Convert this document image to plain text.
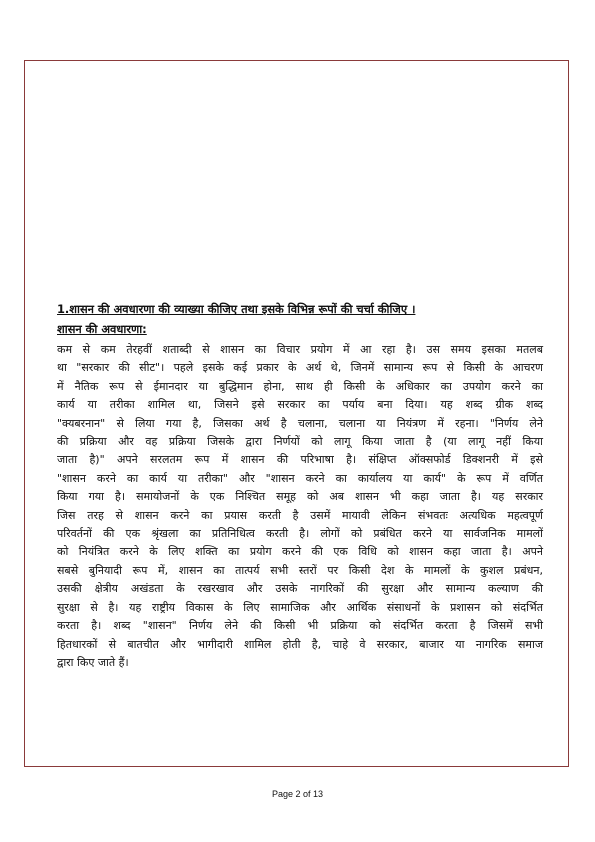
1.शासन की अवधारणा की व्याख्या कीजिए तथा इसके विभिन्न रूपों की चर्चा कीजिए ।
शासन की अवधारणा:
कम से कम तेरहवीं शताब्दी से शासन का विचार प्रयोग में आ रहा है। उस समय इसका मतलब
था "सरकार की सीट"। पहले इसके कई प्रकार के अर्थ थे, जिनमें सामान्य रूप से किसी के आचरण
में नैतिक रूप से ईमानदार या बुद्धिमान होना, साथ ही किसी के अधिकार का उपयोग करने का
कार्य या तरीका शामिल था, जिसने इसे सरकार का पर्याय बना दिया। यह शब्द ग्रीक शब्द
"क्यबरनान" से लिया गया है, जिसका अर्थ है चलाना, चलाना या नियंत्रण में रहना। "निर्णय लेने
की प्रक्रिया और वह प्रक्रिया जिसके द्वारा निर्णयों को लागू किया जाता है (या लागू नहीं किया
जाता है)" अपने सरलतम रूप में शासन की परिभाषा है। संक्षिप्त ऑक्सफोर्ड डिक्शनरी में इसे
"शासन करने का कार्य या तरीका" और "शासन करने का कार्यालय या कार्य" के रूप में वर्णित
किया गया है। समायोजनों के एक निश्चित समूह को अब शासन भी कहा जाता है। यह सरकार
जिस तरह से शासन करने का प्रयास करती है उसमें मायावी लेकिन संभवतः अत्यधिक महत्वपूर्ण
परिवर्तनों की एक श्रृंखला का प्रतिनिधित्व करती है। लोगों को प्रबंधित करने या सार्वजनिक मामलों
को नियंत्रित करने के लिए शक्ति का प्रयोग करने की एक विधि को शासन कहा जाता है। अपने
सबसे बुनियादी रूप में, शासन का तात्पर्य सभी स्तरों पर किसी देश के मामलों के कुशल प्रबंधन,
उसकी क्षेत्रीय अखंडता के रखरखाव और उसके नागरिकों की सुरक्षा और सामान्य कल्याण की
सुरक्षा से है। यह राष्ट्रीय विकास के लिए सामाजिक और आर्थिक संसाधनों के प्रशासन को संदर्भित
करता है। शब्द "शासन" निर्णय लेने की किसी भी प्रक्रिया को संदर्भित करता है जिसमें सभी
हितधारकों से बातचीत और भागीदारी शामिल होती है, चाहे वे सरकार, बाजार या नागरिक समाज
द्वारा किए जाते हैं।
Page 2 of 13
